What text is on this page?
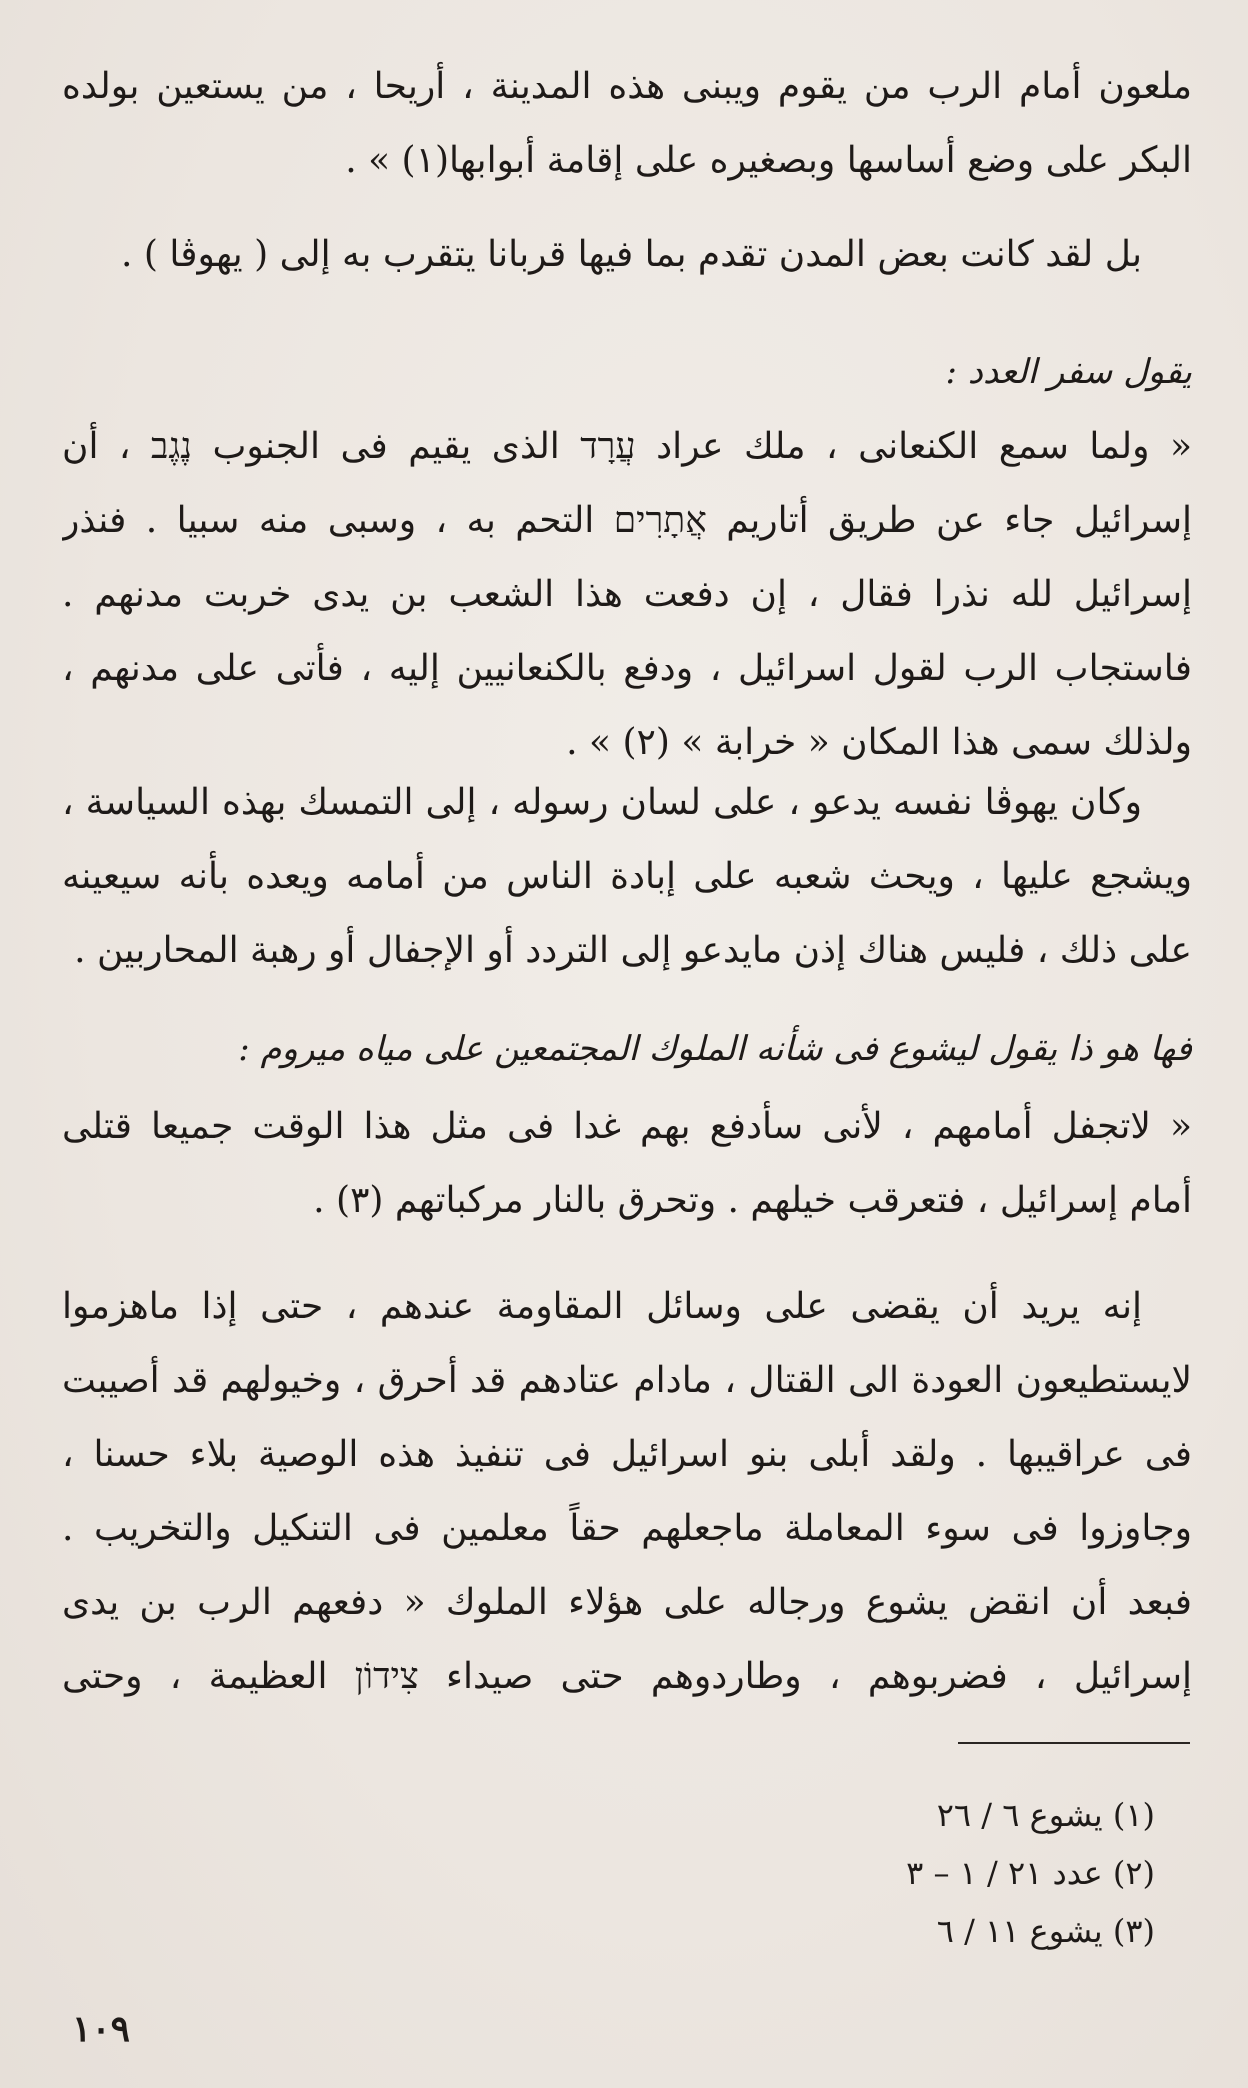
ملعون أمام الرب من يقوم ويبنى هذه المدينة ، أريحا ، من يستعين بولده
البكر على وضع أساسها وبصغيره على إقامة أبوابها(١) » .
بل لقد كانت بعض المدن تقدم بما فيها قربانا يتقرب به إلى ( يهوڤا ) .
يقول سفر العدد :
« ولما سمع الكنعانى ، ملك عراد עֲרָד الذى يقيم فى الجنوب נֶגֶב ، أن
إسرائيل جاء عن طريق أتاريم אֲתָרִים التحم به ، وسبى منه سبيا . فنذر
إسرائيل لله نذرا فقال ، إن دفعت هذا الشعب بن يدى خربت مدنهم .
فاستجاب الرب لقول اسرائيل ، ودفع بالكنعانيين إليه ، فأتى على مدنهم ،
ولذلك سمى هذا المكان « خرابة » (٢) » .
وكان يهوڤا نفسه يدعو ، على لسان رسوله ، إلى التمسك بهذه السياسة ،
ويشجع عليها ، ويحث شعبه على إبادة الناس من أمامه ويعده بأنه سيعينه
على ذلك ، فليس هناك إذن مايدعو إلى التردد أو الإجفال أو رهبة المحاربين .
فها هو ذا يقول ليشوع فى شأنه الملوك المجتمعين على مياه ميروم :
« لاتجفل أمامهم ، لأنى سأدفع بهم غدا فى مثل هذا الوقت جميعا قتلى
أمام إسرائيل ، فتعرقب خيلهم . وتحرق بالنار مركباتهم (٣) .
إنه يريد أن يقضى على وسائل المقاومة عندهم ، حتى إذا ماهزموا
لايستطيعون العودة الى القتال ، مادام عتادهم قد أحرق ، وخيولهم قد أصيبت
فى عراقيبها . ولقد أبلى بنو اسرائيل فى تنفيذ هذه الوصية بلاء حسنا ،
وجاوزوا فى سوء المعاملة ماجعلهم حقاً معلمين فى التنكيل والتخريب .
فبعد أن انقض يشوع ورجاله على هؤلاء الملوك « دفعهم الرب بن يدى
إسرائيل ، فضربوهم ، وطاردوهم حتى صيداء צִידוֹן العظيمة ، وحتى
(١) يشوع ٦ / ٢٦
(٢) عدد ٢١ / ١ – ٣
(٣) يشوع ١١ / ٦
١٠٩
